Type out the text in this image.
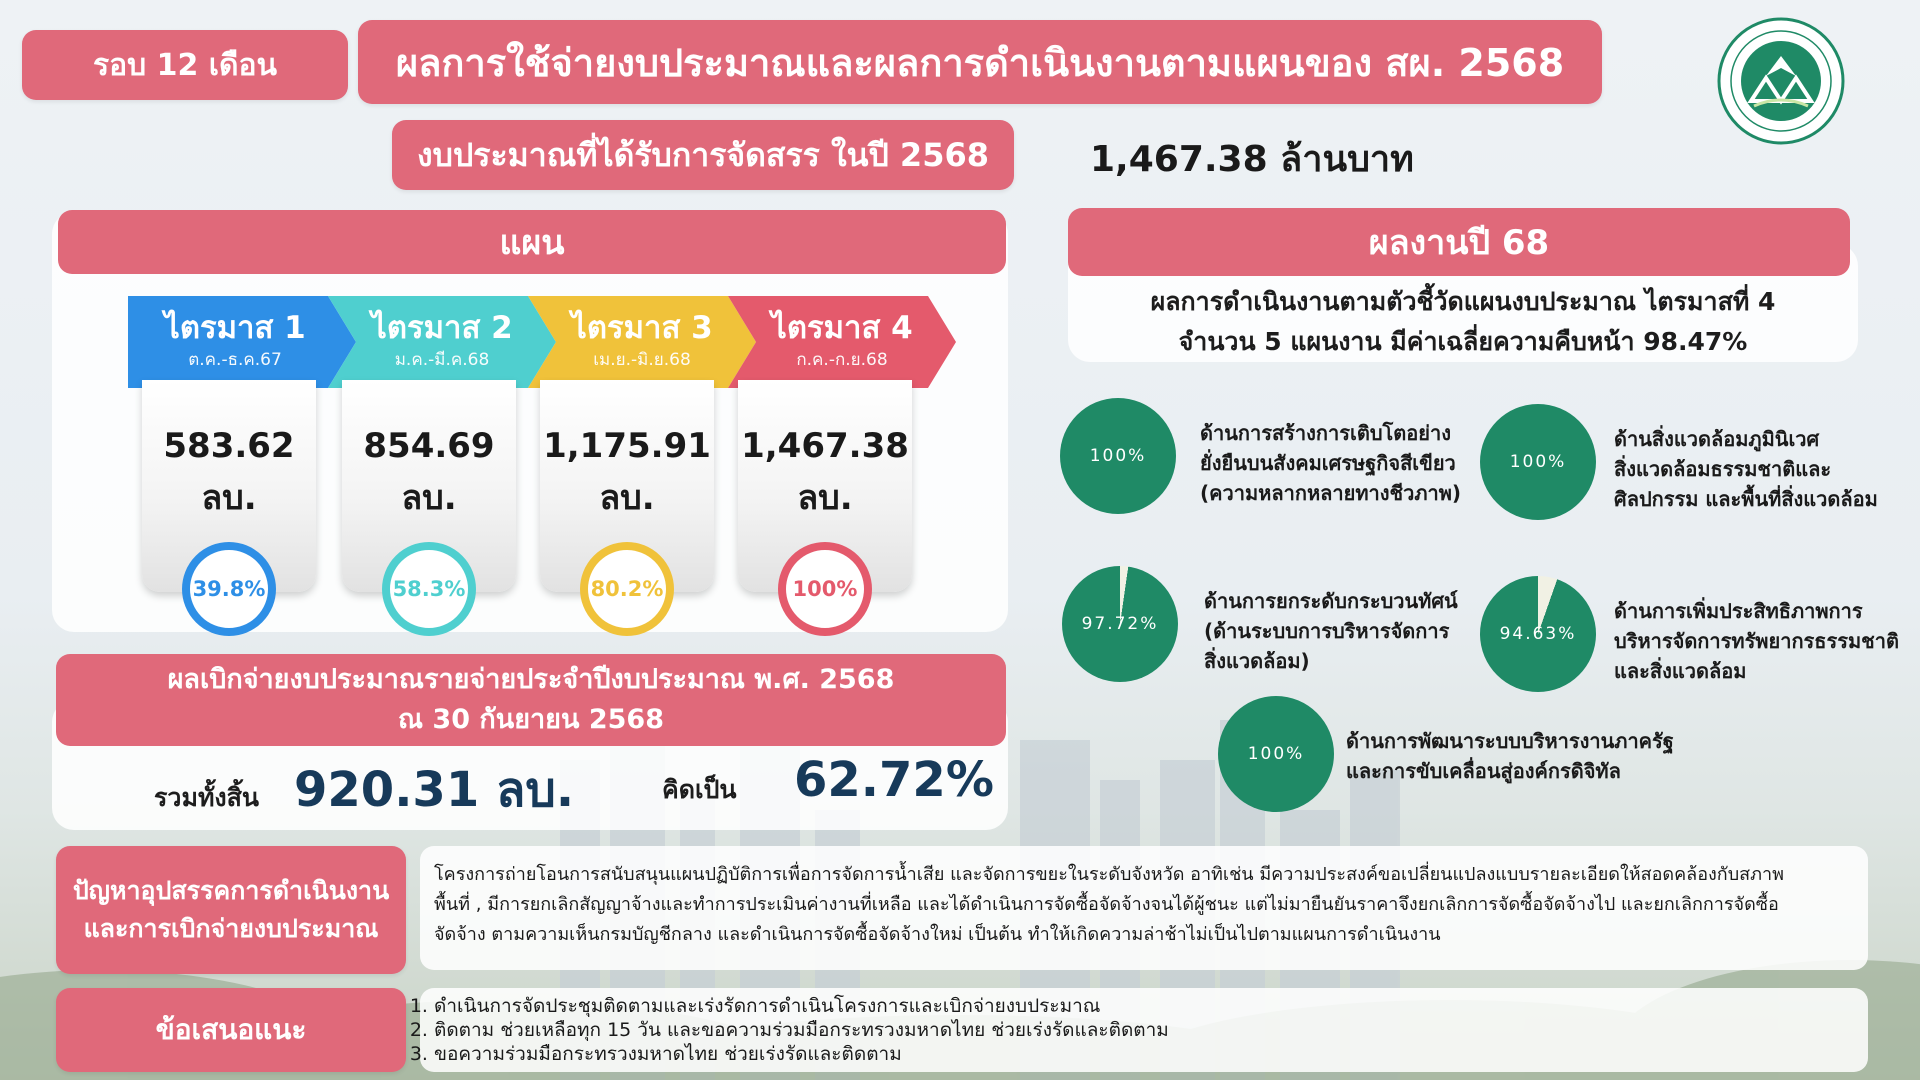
รอบ 12 เดือน	ผลการใช้จ่ายงบประมาณและผลการดำเนินงานตามแผนของ สผ. 2568
งบประมาณที่ได้รับการจัดสรร ในปี 2568	1,467.38 ล้านบาท
แผน
ไตรมาส 1
ต.ค.-ธ.ค.67
ไตรมาส 2
ม.ค.-มี.ค.68
ไตรมาส 3
เม.ย.-มิ.ย.68
ไตรมาส 4
ก.ค.-ก.ย.68
583.62
ลบ.
854.69
ลบ.
1,175.91
ลบ.
1,467.38
ลบ.
39.8%	58.3%	80.2%	100%
ผลเบิกจ่ายงบประมาณรายจ่ายประจำปีงบประมาณ พ.ศ. 2568
ณ 30 กันยายน 2568
รวมทั้งสิ้น 920.31 ลบ.	คิดเป็น 62.72%
ผลงานปี 68
ผลการดำเนินงานตามตัวชี้วัดแผนงบประมาณ ไตรมาสที่ 4
จำนวน 5 แผนงาน มีค่าเฉลี่ยความคืบหน้า 98.47%
100%
ด้านการสร้างการเติบโตอย่าง
ยั่งยืนบนสังคมเศรษฐกิจสีเขียว
(ความหลากหลายทางชีวภาพ)
100%
ด้านสิ่งแวดล้อมภูมินิเวศ
สิ่งแวดล้อมธรรมชาติและ
ศิลปกรรม และพื้นที่สิ่งแวดล้อม
97.72%
ด้านการยกระดับกระบวนทัศน์
(ด้านระบบการบริหารจัดการ
สิ่งแวดล้อม)
94.63%
ด้านการเพิ่มประสิทธิภาพการ
บริหารจัดการทรัพยากรธรรมชาติ
และสิ่งแวดล้อม
100%
ด้านการพัฒนาระบบบริหารงานภาครัฐ
และการขับเคลื่อนสู่องค์กรดิจิทัล
ปัญหาอุปสรรคการดำเนินงาน
และการเบิกจ่ายงบประมาณ
โครงการถ่ายโอนการสนับสนุนแผนปฏิบัติการเพื่อการจัดการน้ำเสีย และจัดการขยะในระดับจังหวัด อาทิเช่น มีความประสงค์ขอเปลี่ยนแปลงแบบรายละเอียดให้สอดคล้องกับสภาพ
พื้นที่ , มีการยกเลิกสัญญาจ้างและทำการประเมินค่างานที่เหลือ และได้ดำเนินการจัดซื้อจัดจ้างจนได้ผู้ชนะ แต่ไม่มายืนยันราคาจึงยกเลิกการจัดซื้อจัดจ้างไป และยกเลิกการจัดซื้อ
จัดจ้าง ตามความเห็นกรมบัญชีกลาง และดำเนินการจัดซื้อจัดจ้างใหม่ เป็นต้น ทำให้เกิดความล่าช้าไม่เป็นไปตามแผนการดำเนินงาน
ข้อเสนอแนะ
1. ดำเนินการจัดประชุมติดตามและเร่งรัดการดำเนินโครงการและเบิกจ่ายงบประมาณ
2. ติดตาม ช่วยเหลือทุก 15 วัน และขอความร่วมมือกระทรวงมหาดไทย ช่วยเร่งรัดและติดตาม
3. ขอความร่วมมือกระทรวงมหาดไทย ช่วยเร่งรัดและติดตาม
